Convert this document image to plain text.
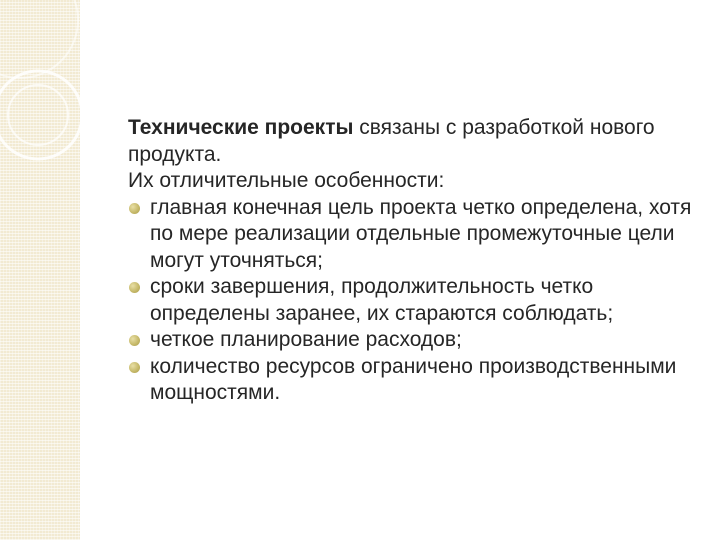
Технические проекты связаны с разработкой нового продукта.

Их отличительные особенности:

главная конечная цель проекта четко определена, хотя по мере реализации отдельные промежуточные цели могут уточняться;
сроки завершения, продолжительность четко определены заранее, их стараются соблюдать;
четкое планирование расходов;
количество ресурсов ограничено производственными мощностями.
